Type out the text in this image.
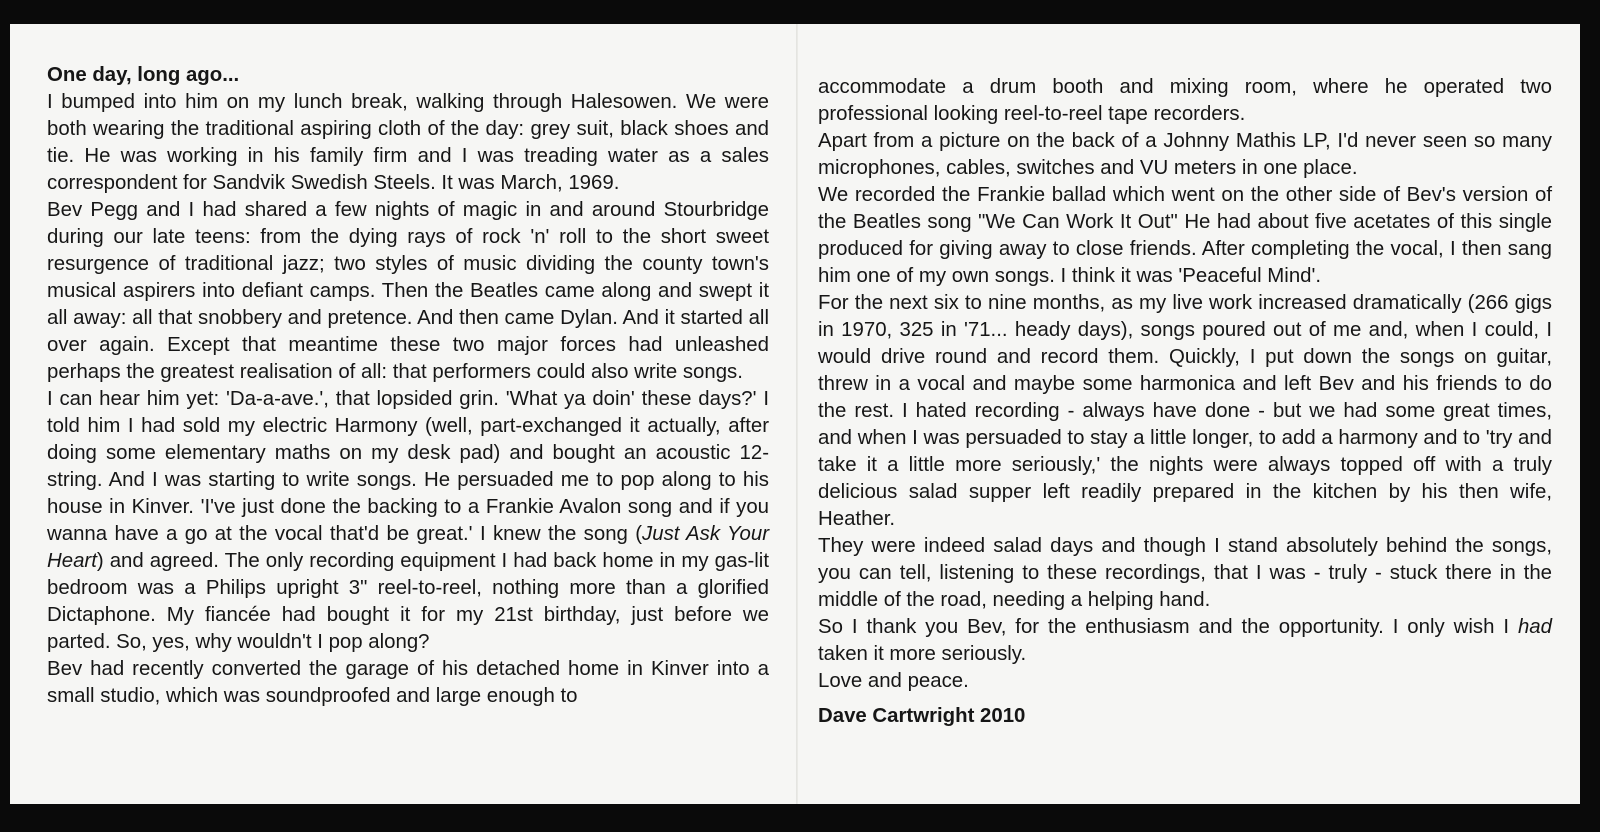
One day, long ago...

I bumped into him on my lunch break, walking through Halesowen. We were both wearing the traditional aspiring cloth of the day: grey suit, black shoes and tie. He was working in his family firm and I was treading water as a sales correspondent for Sandvik Swedish Steels. It was March, 1969.

Bev Pegg and I had shared a few nights of magic in and around Stourbridge during our late teens: from the dying rays of rock 'n' roll to the short sweet resurgence of traditional jazz; two styles of music dividing the county town's musical aspirers into defiant camps. Then the Beatles came along and swept it all away: all that snobbery and pretence. And then came Dylan. And it started all over again. Except that meantime these two major forces had unleashed perhaps the greatest realisation of all: that performers could also write songs.

I can hear him yet: 'Da-a-ave.', that lopsided grin. 'What ya doin' these days?' I told him I had sold my electric Harmony (well, part-exchanged it actually, after doing some elementary maths on my desk pad) and bought an acoustic 12-string. And I was starting to write songs. He persuaded me to pop along to his house in Kinver. 'I've just done the backing to a Frankie Avalon song and if you wanna have a go at the vocal that'd be great.' I knew the song (Just Ask Your Heart) and agreed. The only recording equipment I had back home in my gas-lit bedroom was a Philips upright 3" reel-to-reel, nothing more than a glorified Dictaphone. My fiancée had bought it for my 21st birthday, just before we parted. So, yes, why wouldn't I pop along?

Bev had recently converted the garage of his detached home in Kinver into a small studio, which was soundproofed and large enough to

accommodate a drum booth and mixing room, where he operated two professional looking reel-to-reel tape recorders.

Apart from a picture on the back of a Johnny Mathis LP, I'd never seen so many microphones, cables, switches and VU meters in one place.

We recorded the Frankie ballad which went on the other side of Bev's version of the Beatles song "We Can Work It Out" He had about five acetates of this single produced for giving away to close friends. After completing the vocal, I then sang him one of my own songs. I think it was 'Peaceful Mind'.

For the next six to nine months, as my live work increased dramatically (266 gigs in 1970, 325 in '71... heady days), songs poured out of me and, when I could, I would drive round and record them. Quickly, I put down the songs on guitar, threw in a vocal and maybe some harmonica and left Bev and his friends to do the rest. I hated recording - always have done - but we had some great times, and when I was persuaded to stay a little longer, to add a harmony and to 'try and take it a little more seriously,' the nights were always topped off with a truly delicious salad supper left readily prepared in the kitchen by his then wife, Heather.

They were indeed salad days and though I stand absolutely behind the songs, you can tell, listening to these recordings, that I was - truly - stuck there in the middle of the road, needing a helping hand.

So I thank you Bev, for the enthusiasm and the opportunity. I only wish I had taken it more seriously.

Love and peace.

Dave Cartwright 2010
